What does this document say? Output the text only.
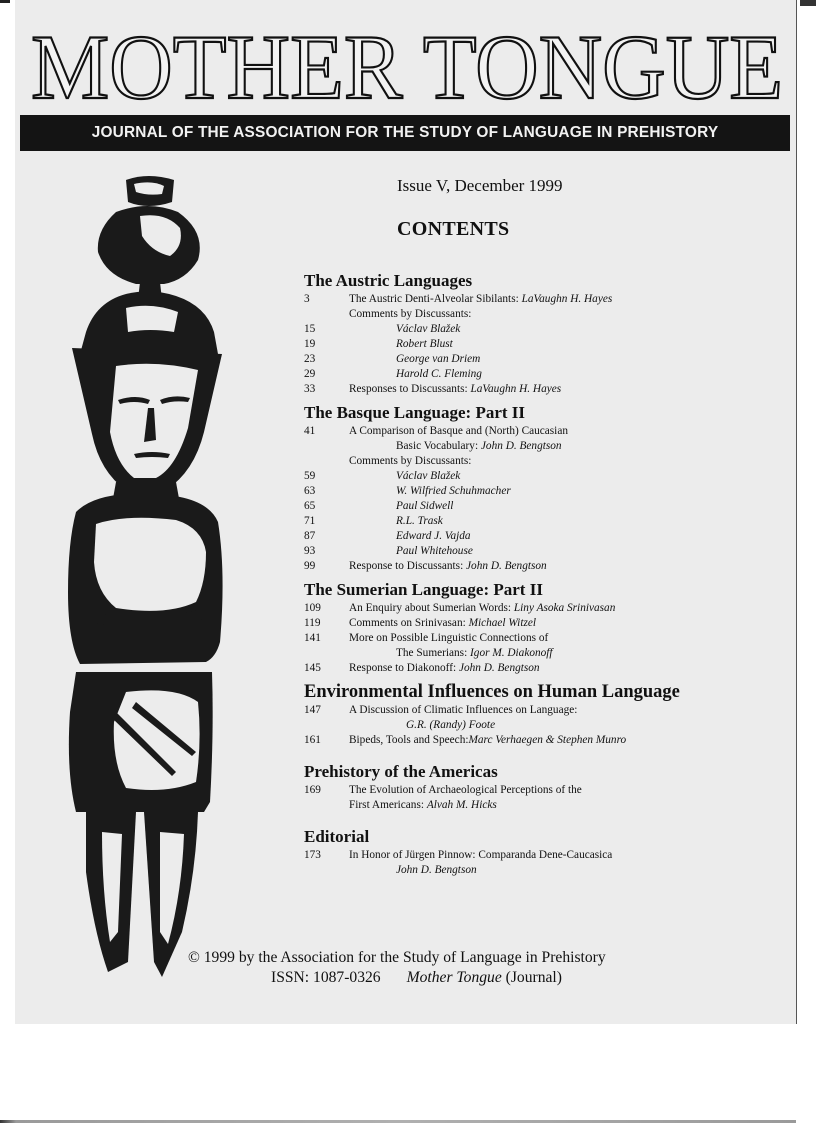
MOTHER TONGUE
JOURNAL OF THE ASSOCIATION FOR THE STUDY OF LANGUAGE IN PREHISTORY
Issue V, December 1999
CONTENTS
The Austric Languages
3	The Austric Denti-Alveolar Sibilants: LaVaughn H. Hayes
Comments by Discussants:
15	Václav Blažek
19	Robert Blust
23	George van Driem
29	Harold C. Fleming
33	Responses to Discussants: LaVaughn H. Hayes
The Basque Language: Part II
41	A Comparison of Basque and (North) Caucasian
Basic Vocabulary: John D. Bengtson
Comments by Discussants:
59	Václav Blažek
63	W. Wilfried Schuhmacher
65	Paul Sidwell
71	R.L. Trask
87	Edward J. Vajda
93	Paul Whitehouse
99	Response to Discussants: John D. Bengtson
The Sumerian Language: Part II
109	An Enquiry about Sumerian Words: Liny Asoka Srinivasan
119	Comments on Srinivasan: Michael Witzel
141	More on Possible Linguistic Connections of
The Sumerians: Igor M. Diakonoff
145	Response to Diakonoff: John D. Bengtson
Environmental Influences on Human Language
147	A Discussion of Climatic Influences on Language:
G.R. (Randy) Foote
161	Bipeds, Tools and Speech:Marc Verhaegen & Stephen Munro
Prehistory of the Americas
169	The Evolution of Archaeological Perceptions of the
First Americans: Alvah M. Hicks
Editorial
173	In Honor of Jürgen Pinnow: Comparanda Dene-Caucasica
John D. Bengtson
© 1999 by the Association for the Study of Language in Prehistory
ISSN: 1087-0326 Mother Tongue (Journal)
